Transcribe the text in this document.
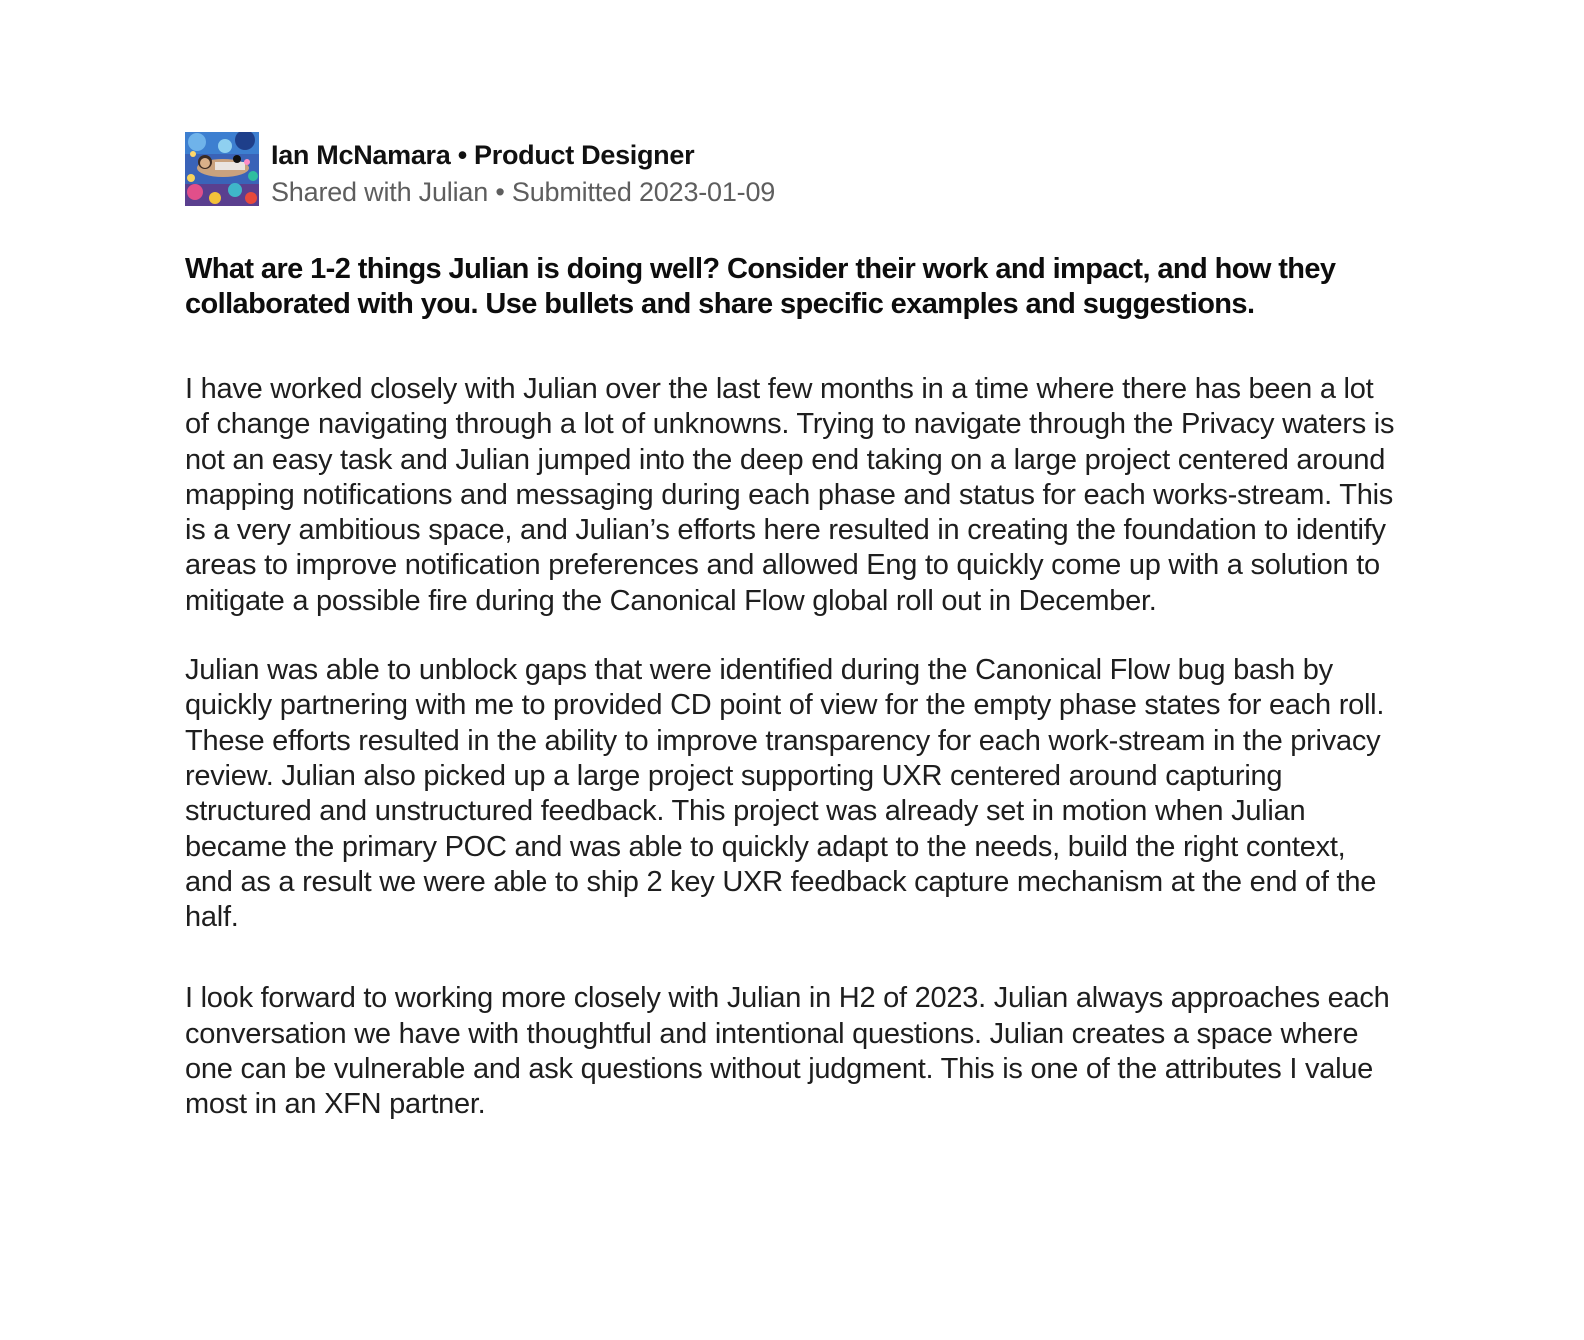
Ian McNamara • Product Designer
Shared with Julian • Submitted 2023-01-09
What are 1-2 things Julian is doing well? Consider their work and impact, and how they collaborated with you. Use bullets and share specific examples and suggestions.

I have worked closely with Julian over the last few months in a time where there has been a lot of change navigating through a lot of unknowns. Trying to navigate through the Privacy waters is not an easy task and Julian jumped into the deep end taking on a large project centered around mapping notifications and messaging during each phase and status for each works-stream. This is a very ambitious space, and Julian’s efforts here resulted in creating the foundation to identify areas to improve notification preferences and allowed Eng to quickly come up with a solution to mitigate a possible fire during the Canonical Flow global roll out in December.

Julian was able to unblock gaps that were identified during the Canonical Flow bug bash by quickly partnering with me to provided CD point of view for the empty phase states for each roll. These efforts resulted in the ability to improve transparency for each work-stream in the privacy review. Julian also picked up a large project supporting UXR centered around capturing structured and unstructured feedback. This project was already set in motion when Julian became the primary POC and was able to quickly adapt to the needs, build the right context, and as a result we were able to ship 2 key UXR feedback capture mechanism at the end of the half.

I look forward to working more closely with Julian in H2 of 2023. Julian always approaches each conversation we have with thoughtful and intentional questions. Julian creates a space where one can be vulnerable and ask questions without judgment. This is one of the attributes I value most in an XFN partner.
